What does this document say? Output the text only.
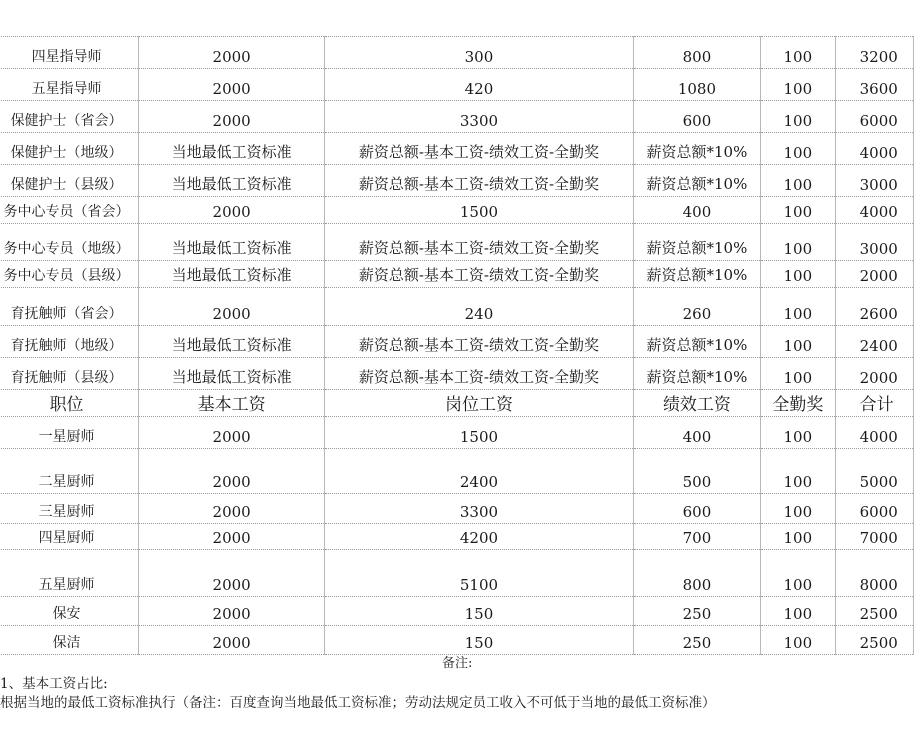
四星指导师	2000	300	800	100	3200
五星指导师	2000	420	1080	100	3600
保健护士（省会）	2000	3300	600	100	6000
保健护士（地级）	当地最低工资标准	薪资总额-基本工资-绩效工资-全勤奖	薪资总额*10%	100	4000
保健护士（县级）	当地最低工资标准	薪资总额-基本工资-绩效工资-全勤奖	薪资总额*10%	100	3000
务中心专员（省会）	2000	1500	400	100	4000
务中心专员（地级）	当地最低工资标准	薪资总额-基本工资-绩效工资-全勤奖	薪资总额*10%	100	3000
务中心专员（县级）	当地最低工资标准	薪资总额-基本工资-绩效工资-全勤奖	薪资总额*10%	100	2000
育抚触师（省会）	2000	240	260	100	2600
育抚触师（地级）	当地最低工资标准	薪资总额-基本工资-绩效工资-全勤奖	薪资总额*10%	100	2400
育抚触师（县级）	当地最低工资标准	薪资总额-基本工资-绩效工资-全勤奖	薪资总额*10%	100	2000
职位	基本工资	岗位工资	绩效工资	全勤奖	合计
一星厨师	2000	1500	400	100	4000
二星厨师	2000	2400	500	100	5000
三星厨师	2000	3300	600	100	6000
四星厨师	2000	4200	700	100	7000
五星厨师	2000	5100	800	100	8000
保安	2000	150	250	100	2500
保洁	2000	150	250	100	2500
备注:
1、基本工资占比:
根据当地的最低工资标准执行（备注：百度查询当地最低工资标准；劳动法规定员工收入不可低于当地的最低工资标准）
